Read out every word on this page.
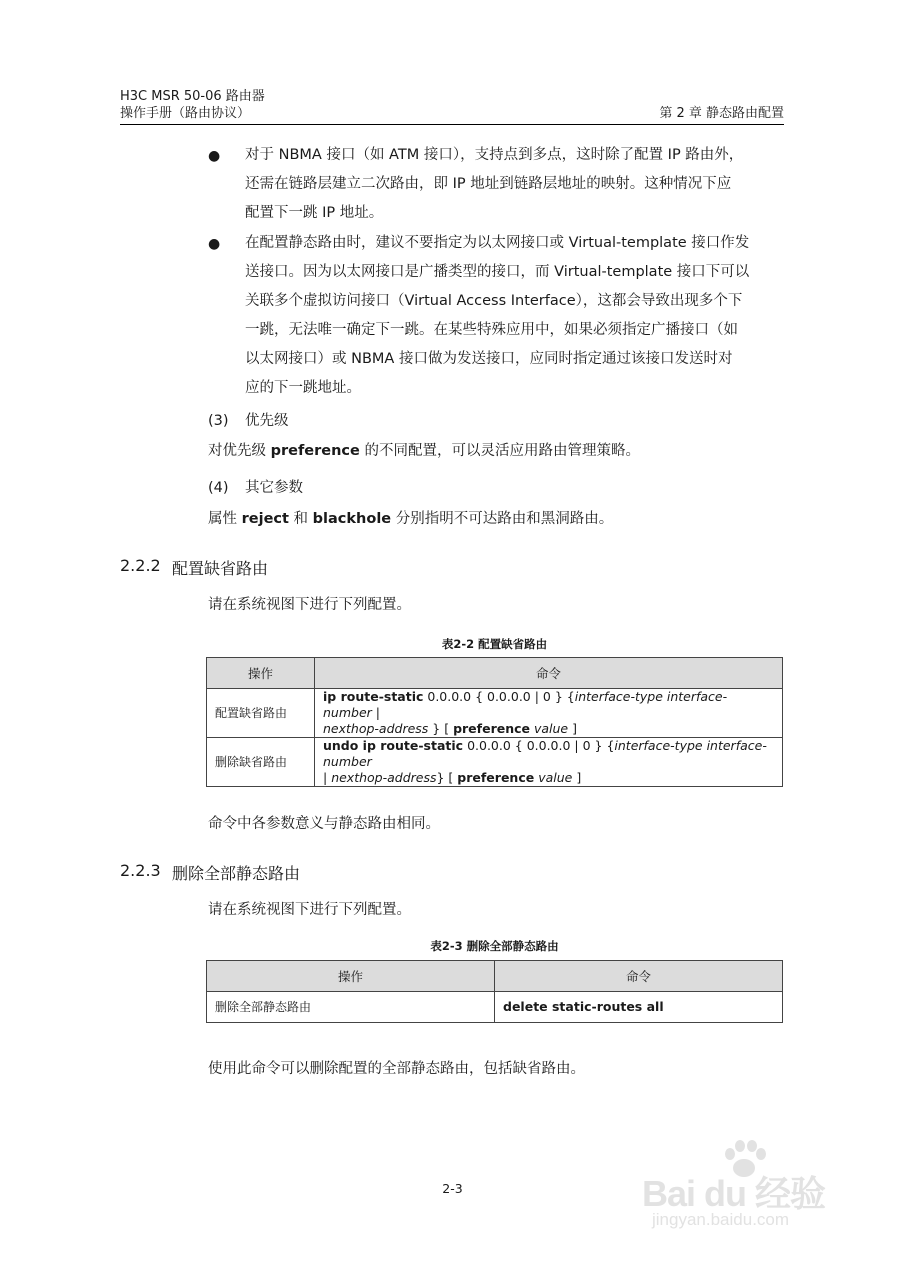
H3C MSR 50-06 路由器
操作手册（路由协议）	第 2 章 静态路由配置
● 对于 NBMA 接口（如 ATM 接口），支持点到多点，这时除了配置 IP 路由外，
还需在链路层建立二次路由，即 IP 地址到链路层地址的映射。这种情况下应
配置下一跳 IP 地址。
● 在配置静态路由时，建议不要指定为以太网接口或 Virtual-template 接口作发
送接口。因为以太网接口是广播类型的接口，而 Virtual-template 接口下可以
关联多个虚拟访问接口（Virtual Access Interface），这都会导致出现多个下
一跳，无法唯一确定下一跳。在某些特殊应用中，如果必须指定广播接口（如
以太网接口）或 NBMA 接口做为发送接口，应同时指定通过该接口发送时对
应的下一跳地址。
(3) 优先级
对优先级 preference 的不同配置，可以灵活应用路由管理策略。
(4) 其它参数
属性 reject 和 blackhole 分别指明不可达路由和黑洞路由。
2.2.2 配置缺省路由
请在系统视图下进行下列配置。
表2-2 配置缺省路由
操作	命令
配置缺省路由	ip route-static 0.0.0.0 { 0.0.0.0 | 0 } {interface-type interface-number |
nexthop-address } [ preference value ]
删除缺省路由	undo ip route-static 0.0.0.0 { 0.0.0.0 | 0 } {interface-type interface-number
| nexthop-address} [ preference value ]
命令中各参数意义与静态路由相同。
2.2.3 删除全部静态路由
请在系统视图下进行下列配置。
表2-3 删除全部静态路由
操作	命令
删除全部静态路由	delete static-routes all
使用此命令可以删除配置的全部静态路由，包括缺省路由。
2-3	Bai du 经验
jingyan.baidu.com
